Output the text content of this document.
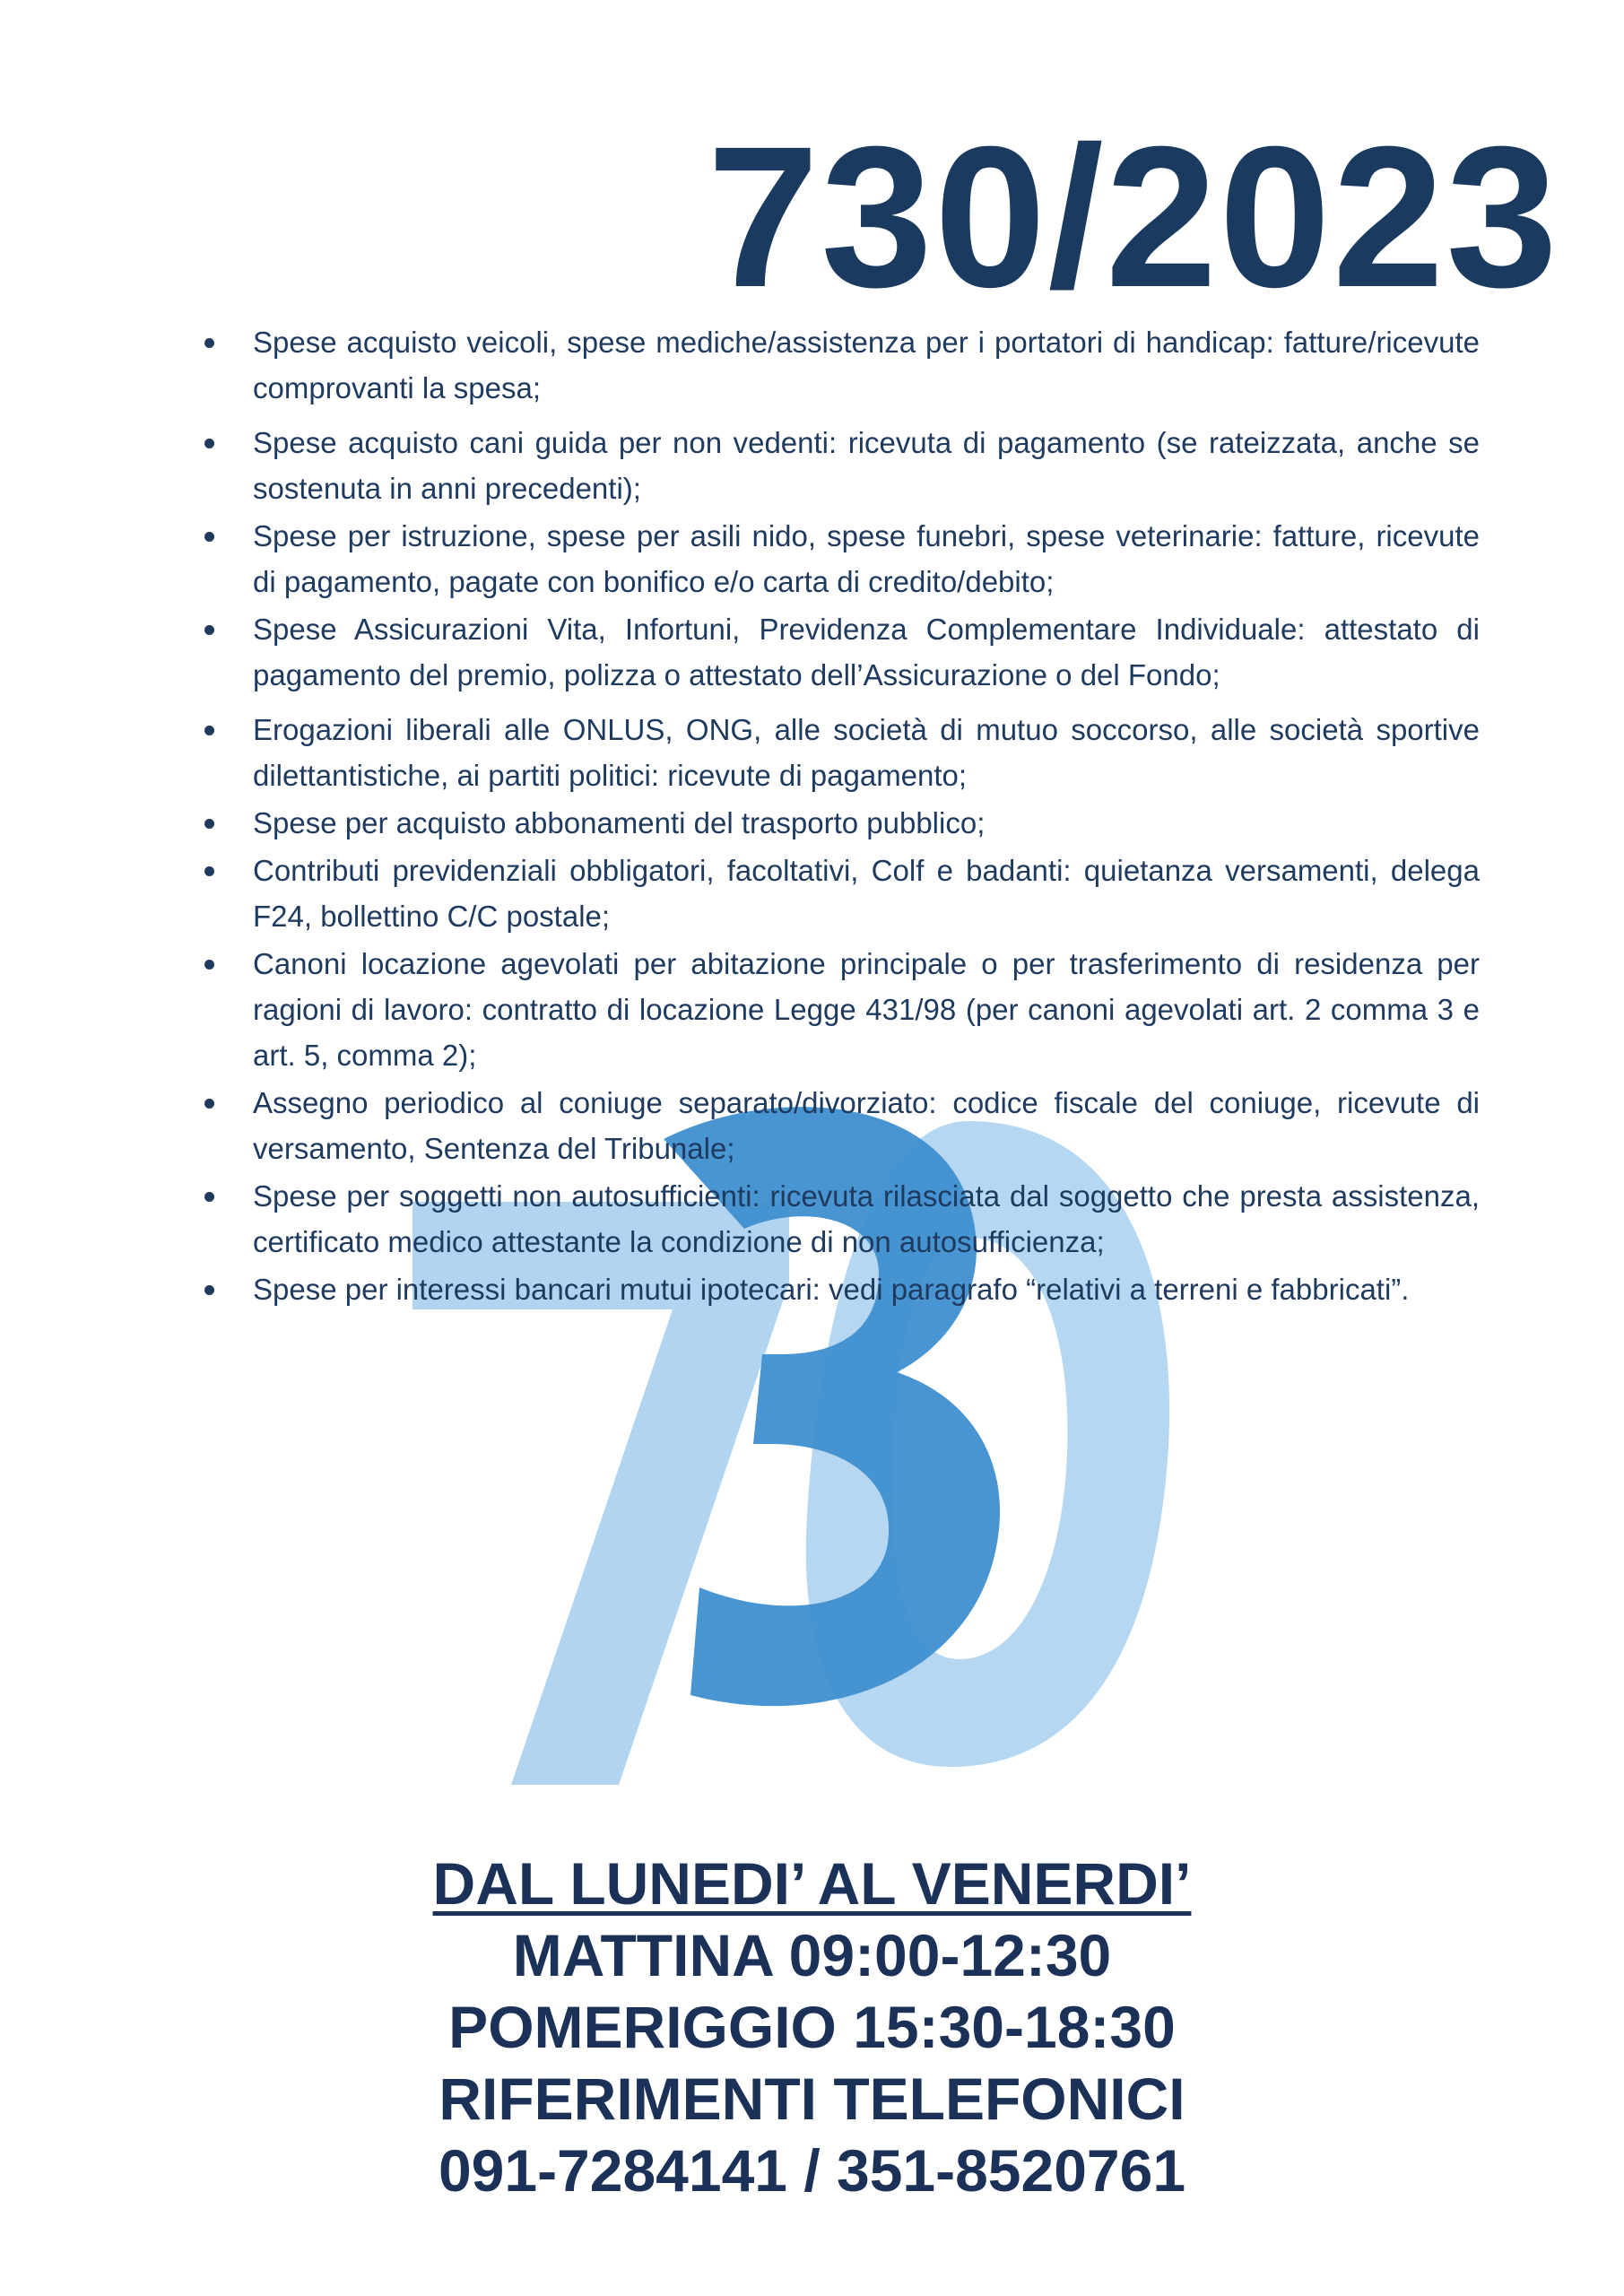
730/2023
Spese acquisto veicoli, spese mediche/assistenza per i portatori di handicap: fatture/ricevute comprovanti la spesa;
Spese acquisto cani guida per non vedenti: ricevuta di pagamento (se rateizzata, anche se sostenuta in anni precedenti);
Spese per istruzione, spese per asili nido, spese funebri, spese veterinarie: fatture, ricevute di pagamento, pagate con bonifico e/o carta di credito/debito;
Spese Assicurazioni Vita, Infortuni, Previdenza Complementare Individuale: attestato di pagamento del premio, polizza o attestato dell’Assicurazione o del Fondo;
Erogazioni liberali alle ONLUS, ONG, alle società di mutuo soccorso, alle società sportive dilettantistiche, ai partiti politici: ricevute di pagamento;
Spese per acquisto abbonamenti del trasporto pubblico;
Contributi previdenziali obbligatori, facoltativi, Colf e badanti: quietanza versamenti, delega F24, bollettino C/C postale;
Canoni locazione agevolati per abitazione principale o per trasferimento di residenza per ragioni di lavoro: contratto di locazione Legge 431/98 (per canoni agevolati art. 2 comma 3 e art. 5, comma 2);
Assegno periodico al coniuge separato/divorziato: codice fiscale del coniuge, ricevute di versamento, Sentenza del Tribunale;
Spese per soggetti non autosufficienti: ricevuta rilasciata dal soggetto che presta assistenza, certificato medico attestante la condizione di non autosufficienza;
Spese per interessi bancari mutui ipotecari: vedi paragrafo “relativi a terreni e fabbricati”.
DAL LUNEDI’ AL VENERDI’
MATTINA 09:00-12:30
POMERIGGIO 15:30-18:30
RIFERIMENTI TELEFONICI
091-7284141 / 351-8520761
